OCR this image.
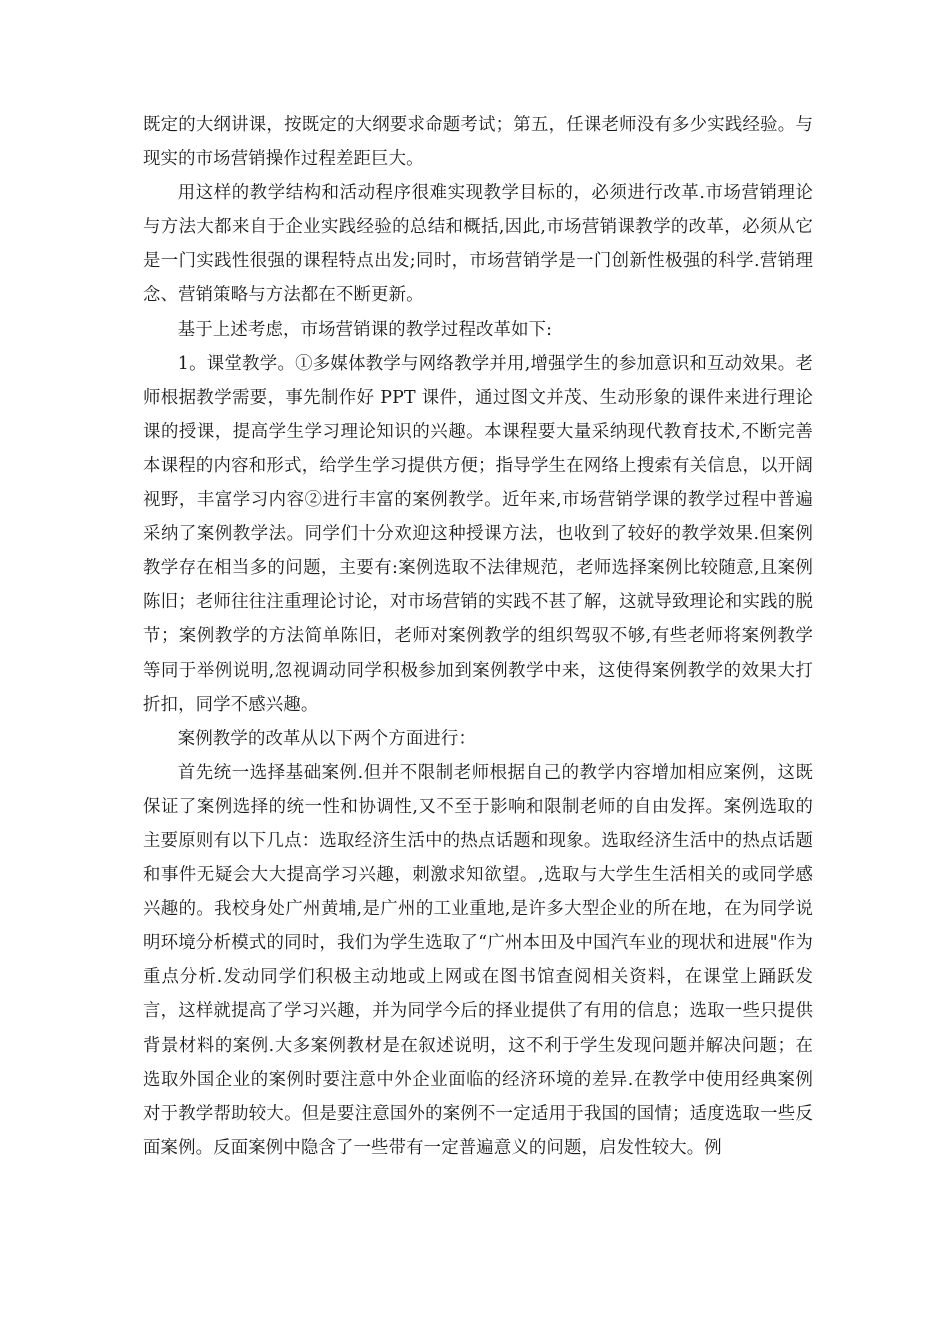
既定的大纲讲课，按既定的大纲要求命题考试；第五，任课老师没有多少实践经验。与现实的市场营销操作过程差距巨大。

用这样的教学结构和活动程序很难实现教学目标的，必须进行改革.市场营销理论与方法大都来自于企业实践经验的总结和概括,因此,市场营销课教学的改革，必须从它是一门实践性很强的课程特点出发;同时，市场营销学是一门创新性极强的科学.营销理念、营销策略与方法都在不断更新。

基于上述考虑，市场营销课的教学过程改革如下:

1。课堂教学。①多媒体教学与网络教学并用,增强学生的参加意识和互动效果。老师根据教学需要，事先制作好 PPT 课件，通过图文并茂、生动形象的课件来进行理论课的授课，提高学生学习理论知识的兴趣。本课程要大量采纳现代教育技术,不断完善本课程的内容和形式，给学生学习提供方便；指导学生在网络上搜索有关信息，以开阔视野，丰富学习内容②进行丰富的案例教学。近年来,市场营销学课的教学过程中普遍采纳了案例教学法。同学们十分欢迎这种授课方法，也收到了较好的教学效果.但案例教学存在相当多的问题，主要有:案例选取不法律规范，老师选择案例比较随意,且案例陈旧；老师往往注重理论讨论，对市场营销的实践不甚了解，这就导致理论和实践的脱节；案例教学的方法简单陈旧，老师对案例教学的组织驾驭不够,有些老师将案例教学等同于举例说明,忽视调动同学积极参加到案例教学中来，这使得案例教学的效果大打折扣，同学不感兴趣。

案例教学的改革从以下两个方面进行：

首先统一选择基础案例.但并不限制老师根据自己的教学内容增加相应案例，这既保证了案例选择的统一性和协调性,又不至于影响和限制老师的自由发挥。案例选取的主要原则有以下几点：选取经济生活中的热点话题和现象。选取经济生活中的热点话题和事件无疑会大大提高学习兴趣，刺激求知欲望。,选取与大学生生活相关的或同学感兴趣的。我校身处广州黄埔,是广州的工业重地,是许多大型企业的所在地，在为同学说明环境分析模式的同时，我们为学生选取了“广州本田及中国汽车业的现状和进展"作为重点分析.发动同学们积极主动地或上网或在图书馆查阅相关资料，在课堂上踊跃发言，这样就提高了学习兴趣，并为同学今后的择业提供了有用的信息；选取一些只提供背景材料的案例.大多案例教材是在叙述说明，这不利于学生发现问题并解决问题；在选取外国企业的案例时要注意中外企业面临的经济环境的差异.在教学中使用经典案例对于教学帮助较大。但是要注意国外的案例不一定适用于我国的国情；适度选取一些反面案例。反面案例中隐含了一些带有一定普遍意义的问题，启发性较大。例
